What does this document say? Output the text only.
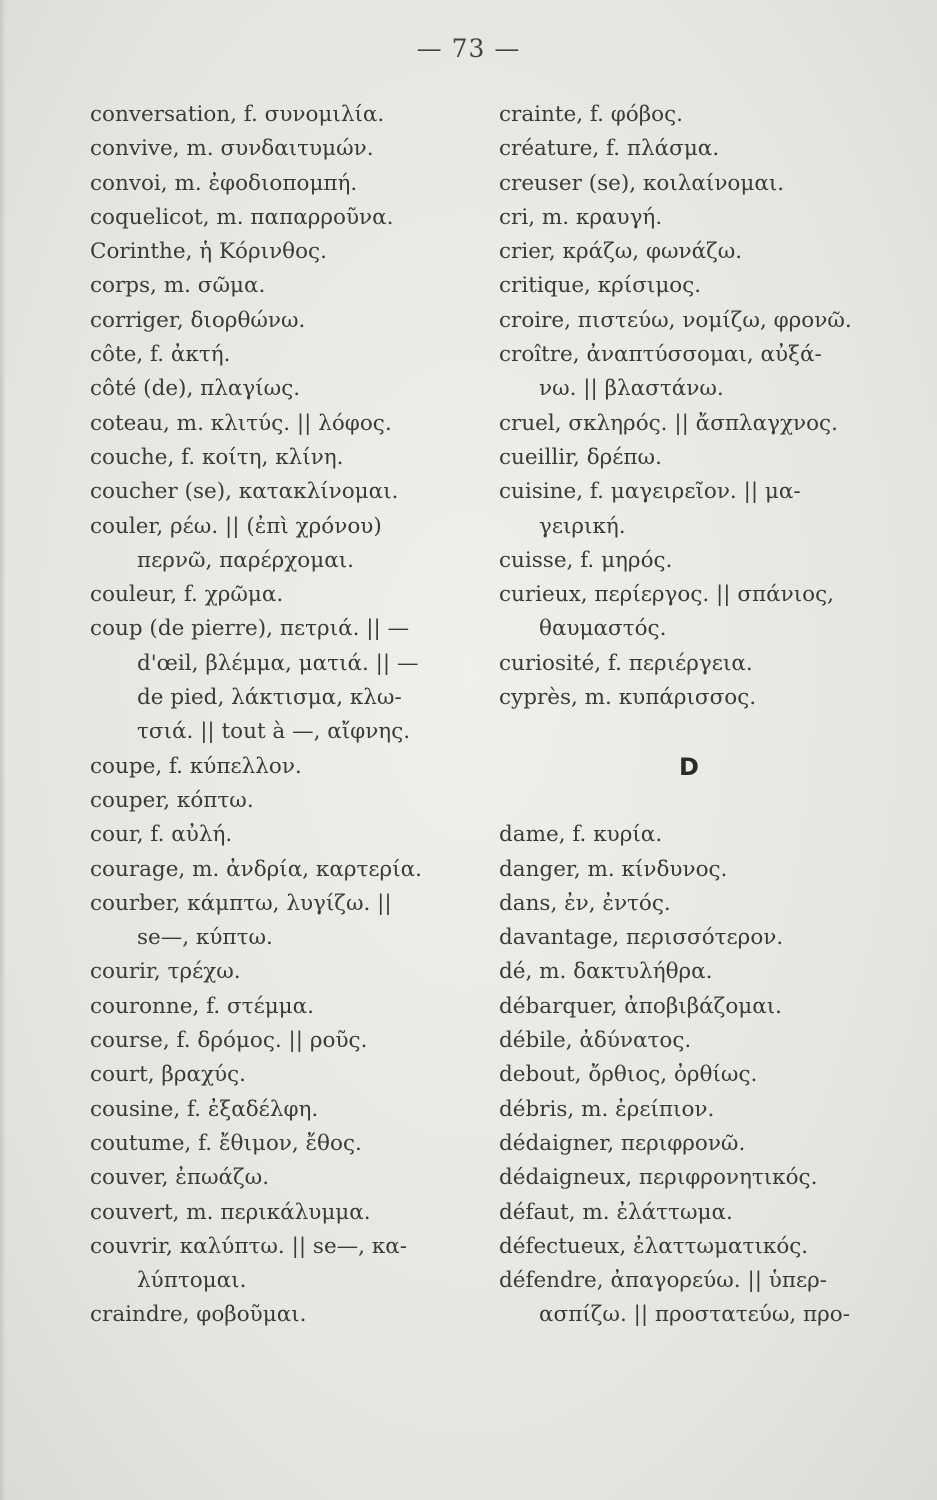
— 73 —
conversation, f. συνομιλία.
convive, m. συνδαιτυμών.
convoi, m. ἐφοδιοπομπή.
coquelicot, m. παπαρροῦνα.
Corinthe, ἡ Κόρινθος.
corps, m. σῶμα.
corriger, διορθώνω.
côte, f. ἀκτή.
côté (de), πλαγίως.
coteau, m. κλιτύς. || λόφος.
couche, f. κοίτη, κλίνη.
coucher (se), κατακλίνομαι.
couler, ρέω. || (ἐπὶ χρόνου)
περνῶ, παρέρχομαι.
couleur, f. χρῶμα.
coup (de pierre), πετριά. || —
d'œil, βλέμμα, ματιά. || —
de pied, λάκτισμα, κλω-
τσιά. || tout à —, αἴφνης.
coupe, f. κύπελλον.
couper, κόπτω.
cour, f. αὐλή.
courage, m. ἀνδρία, καρτερία.
courber, κάμπτω, λυγίζω. ||
se—, κύπτω.
courir, τρέχω.
couronne, f. στέμμα.
course, f. δρόμος. || ροῦς.
court, βραχύς.
cousine, f. ἐξαδέλφη.
coutume, f. ἔθιμον, ἔθος.
couver, ἐπωάζω.
couvert, m. περικάλυμμα.
couvrir, καλύπτω. || se—, κα-
λύπτομαι.
craindre, φοβοῦμαι.
crainte, f. φόβος.
créature, f. πλάσμα.
creuser (se), κοιλαίνομαι.
cri, m. κραυγή.
crier, κράζω, φωνάζω.
critique, κρίσιμος.
croire, πιστεύω, νομίζω, φρονῶ.
croître, ἀναπτύσσομαι, αὐξά-
νω. || βλαστάνω.
cruel, σκληρός. || ἄσπλαγχνος.
cueillir, δρέπω.
cuisine, f. μαγειρεῖον. || μα-
γειρική.
cuisse, f. μηρός.
curieux, περίεργος. || σπάνιος,
θαυμαστός.
curiosité, f. περιέργεια.
cyprès, m. κυπάρισσος.
D
dame, f. κυρία.
danger, m. κίνδυνος.
dans, ἐν, ἐντός.
davantage, περισσότερον.
dé, m. δακτυλήθρα.
débarquer, ἀποβιβάζομαι.
débile, ἀδύνατος.
debout, ὄρθιος, ὀρθίως.
débris, m. ἐρείπιον.
dédaigner, περιφρονῶ.
dédaigneux, περιφρονητικός.
défaut, m. ἐλάττωμα.
défectueux, ἐλαττωματικός.
défendre, ἀπαγορεύω. || ὑπερ-
ασπίζω. || προστατεύω, προ-
